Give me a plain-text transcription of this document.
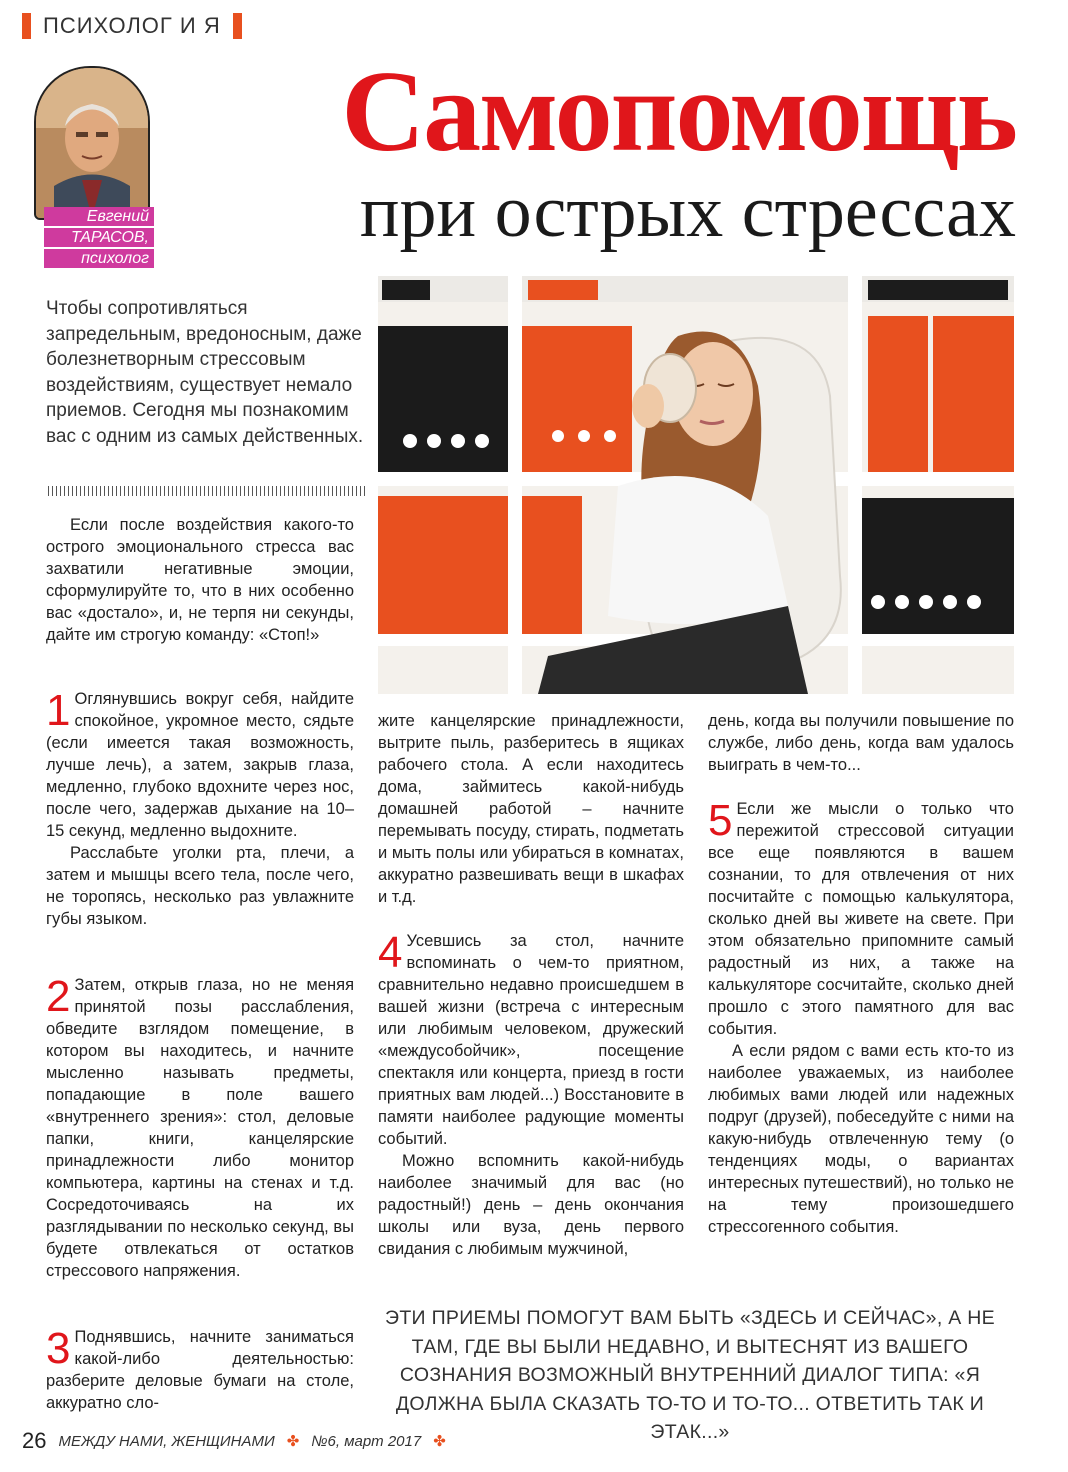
ПСИХОЛОГ И Я
Евгений
ТАРАСОВ,
психолог
Самопомощь
при острых стрессах
Чтобы сопротивляться запредельным, вредоносным, даже болезнетворным стрессовым воздействиям, существует немало приемов. Сегодня мы познакомим вас с одним из самых действенных.

Если после воздействия какого-то острого эмоционального стресса вас захватили негативные эмоции, сформулируйте то, что в них особенно вас «достало», и, не терпя ни секунды, дайте им строгую команду: «Стоп!»

1 Оглянувшись вокруг себя, найдите спокойное, укромное место, сядьте (если имеется такая возможность, лучше лечь), а затем, закрыв глаза, медленно, глубоко вдохните через нос, после чего, задержав дыхание на 10–15 секунд, медленно выдохните.

Расслабьте уголки рта, плечи, а затем и мышцы всего тела, после чего, не торопясь, несколько раз увлажните губы языком.

2 Затем, открыв глаза, но не меняя принятой позы расслабления, обведите взглядом помещение, в котором вы находитесь, и начните мысленно называть предметы, попадающие в поле вашего «внутреннего зрения»: стол, деловые папки, книги, канцелярские принадлежности либо монитор компьютера, картины на стенах и т.д. Сосредоточиваясь на их разглядывании по несколько секунд, вы будете отвлекаться от остатков стрессового напряжения.

3 Поднявшись, начните заниматься какой-либо деятельностью: разберите деловые бумаги на столе, аккуратно сло-

жите канцелярские принадлежности, вытрите пыль, разберитесь в ящиках рабочего стола. А если находитесь дома, займитесь какой-нибудь домашней работой – начните перемывать посуду, стирать, подметать и мыть полы или убираться в комнатах, аккуратно развешивать вещи в шкафах и т.д.

4 Усевшись за стол, начните вспоминать о чем-то приятном, сравнительно недавно происшедшем в вашей жизни (встреча с интересным или любимым человеком, дружеский «междусобойчик», посещение спектакля или концерта, приезд в гости приятных вам людей...) Восстановите в памяти наиболее радующие моменты событий.

Можно вспомнить какой-нибудь наиболее значимый для вас (но радостный!) день – день окончания школы или вуза, день первого свидания с любимым мужчиной,

день, когда вы получили повышение по службе, либо день, когда вам удалось выиграть в чем-то...

5 Если же мысли о только что пережитой стрессовой ситуации все еще появляются в вашем сознании, то для отвлечения от них посчитайте с помощью калькулятора, сколько дней вы живете на свете. При этом обязательно припомните самый радостный из них, а также на калькуляторе сосчитайте, сколько дней прошло с этого памятного для вас события.

А если рядом с вами есть кто-то из наиболее уважаемых, из наиболее любимых вами людей или надежных подруг (друзей), побеседуйте с ними на какую-нибудь отвлеченную тему (о тенденциях моды, о вариантах интересных путешествий), но только не на тему произошедшего стрессогенного события.

ЭТИ ПРИЕМЫ ПОМОГУТ ВАМ БЫТЬ «ЗДЕСЬ И СЕЙЧАС», А НЕ ТАМ, ГДЕ ВЫ БЫЛИ НЕДАВНО, И ВЫТЕСНЯТ ИЗ ВАШЕГО СОЗНАНИЯ ВОЗМОЖНЫЙ ВНУТРЕННИЙ ДИАЛОГ ТИПА: «Я ДОЛЖНА БЫЛА СКАЗАТЬ ТО-ТО И ТО-ТО... ОТВЕТИТЬ ТАК И ЭТАК...»
26 МЕЖДУ НАМИ, ЖЕНЩИНАМИ ✤ №6, март 2017 ✤
